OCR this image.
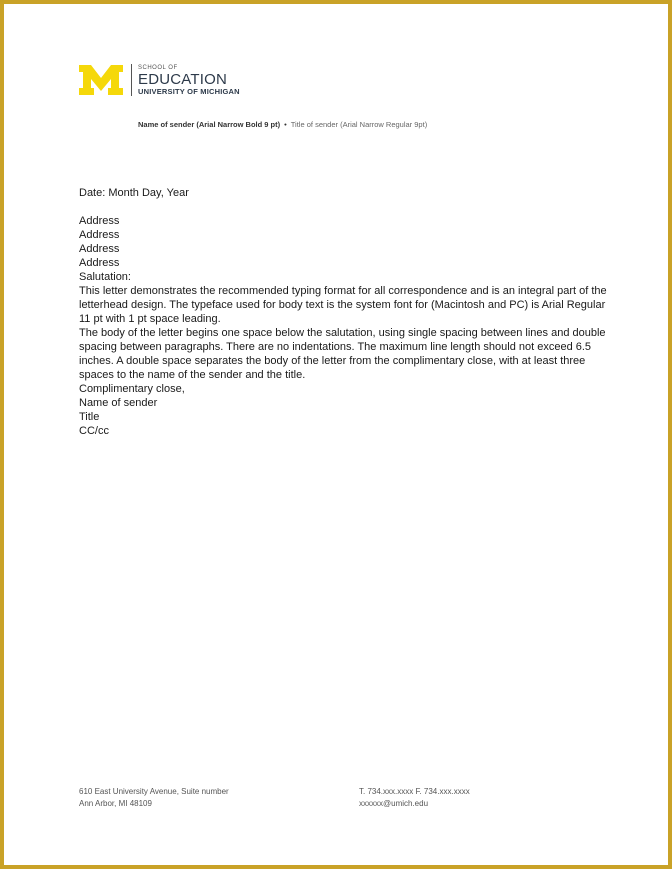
SCHOOL OF
EDUCATION
UNIVERSITY OF MICHIGAN
Name of sender (Arial Narrow Bold 9 pt) • Title of sender (Arial Narrow Regular 9pt)

Date: Month Day, Year

Address

Address

Address

Address

Salutation:

This letter demonstrates the recommended typing format for all correspondence and is an integral part of the letterhead design. The typeface used for body text is the system font for (Macintosh and PC) is Arial Regular 11 pt with 1 pt space leading.

The body of the letter begins one space below the salutation, using single spacing between lines and double spacing between paragraphs. There are no indentations. The maximum line length should not exceed 6.5 inches. A double space separates the body of the letter from the complimentary close, with at least three spaces to the name of the sender and the title.

Complimentary close,

Name of sender

Title

CC/cc

610 East University Avenue, Suite number
Ann Arbor, MI 48109
T. 734.xxx.xxxx F. 734.xxx.xxxx
xxxxxx@umich.edu
